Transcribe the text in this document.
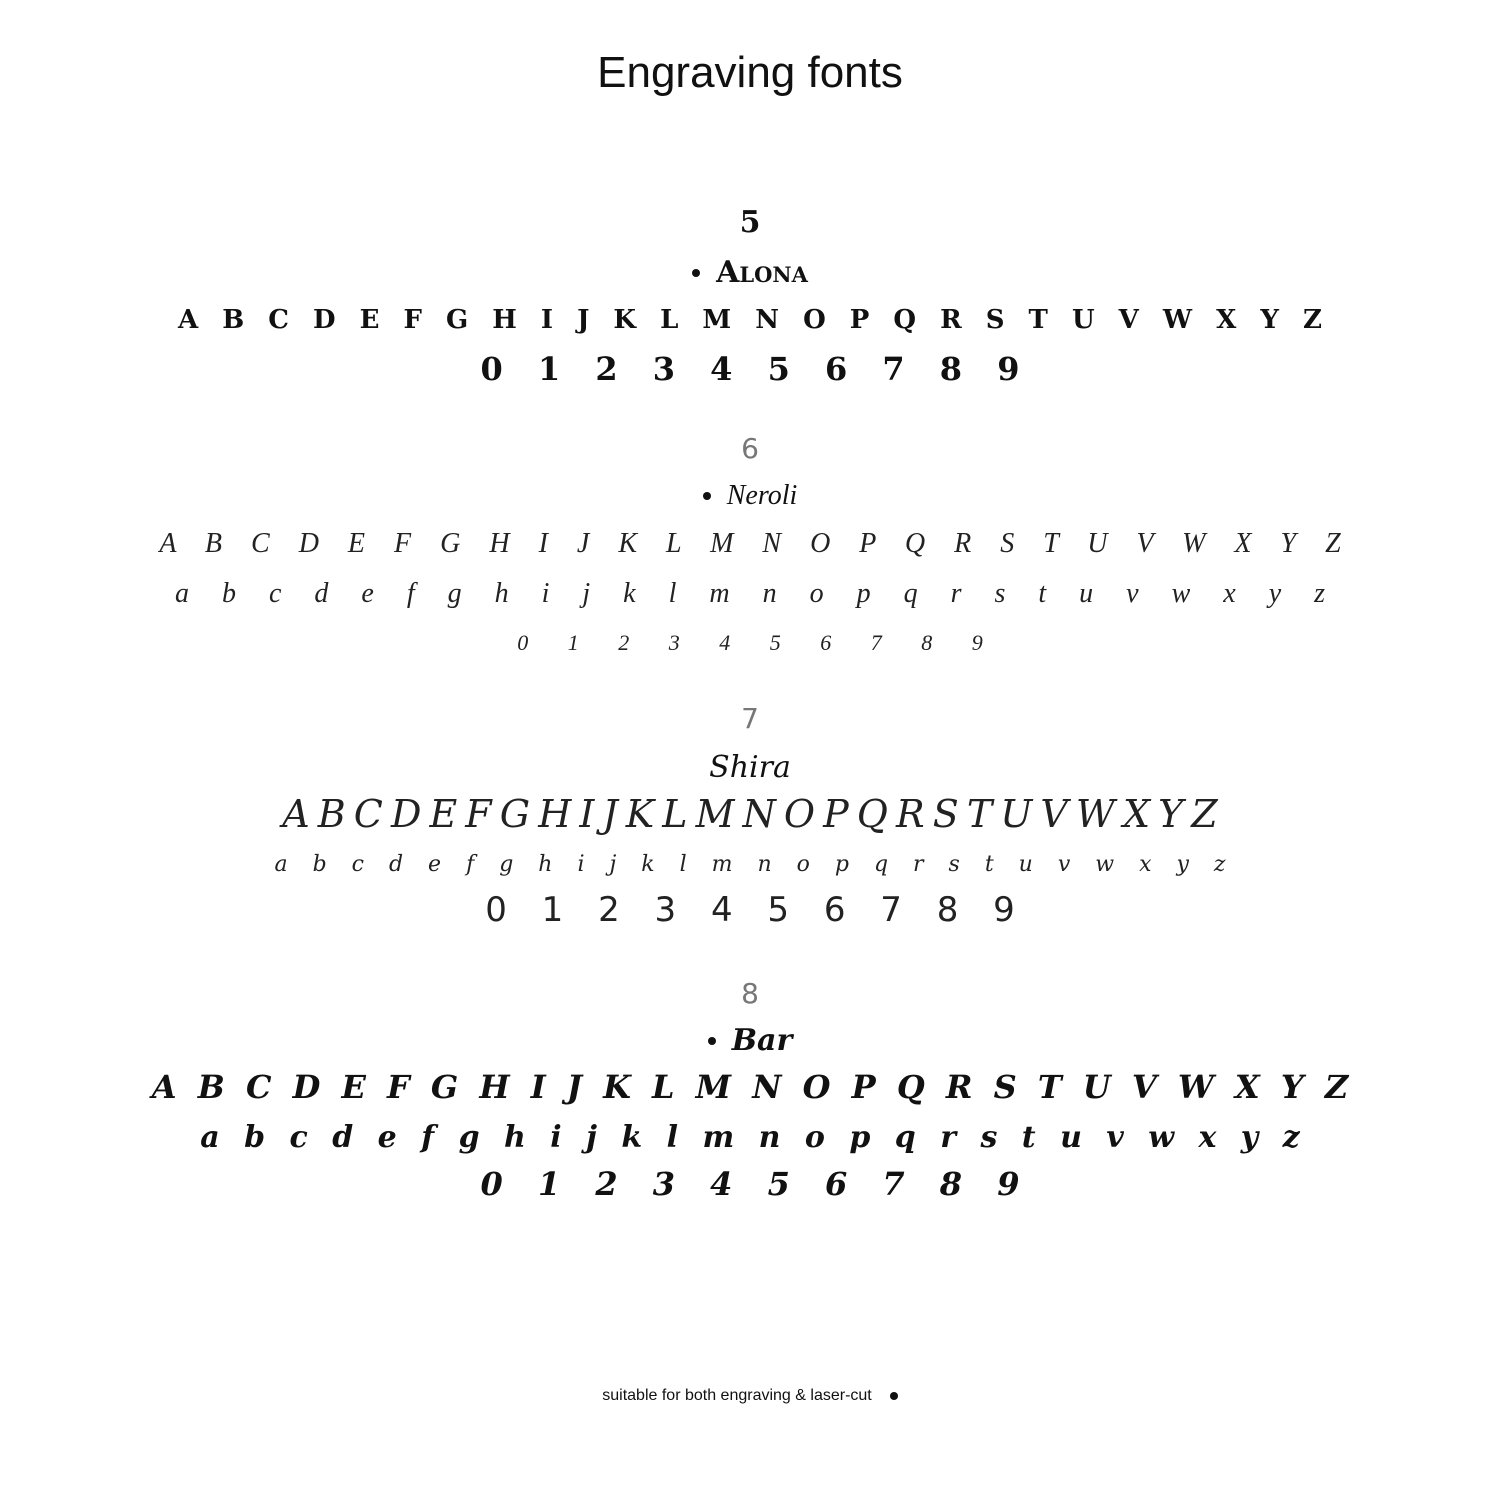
Engraving fonts
5
Alona
A B C D E F G H I J K L M N O P Q R S T U V W X Y Z
0 1 2 3 4 5 6 7 8 9
6
Neroli
A B C D E F G H I J K L M N O P Q R S T U V W X Y Z
a b c d e f g h i j k l m n o p q r s t u v w x y z
0 1 2 3 4 5 6 7 8 9
7
Shira
A B C D E F G H I J K L M N O P Q R S T U V W X Y Z
a b c d e f g h i j k l m n o p q r s t u v w x y z
0 1 2 3 4 5 6 7 8 9
8
Bar
A B C D E F G H I J K L M N O P Q R S T U V W X Y Z
a b c d e f g h i j k l m n o p q r s t u v w x y z
0 1 2 3 4 5 6 7 8 9
suitable for both engraving & laser-cut
